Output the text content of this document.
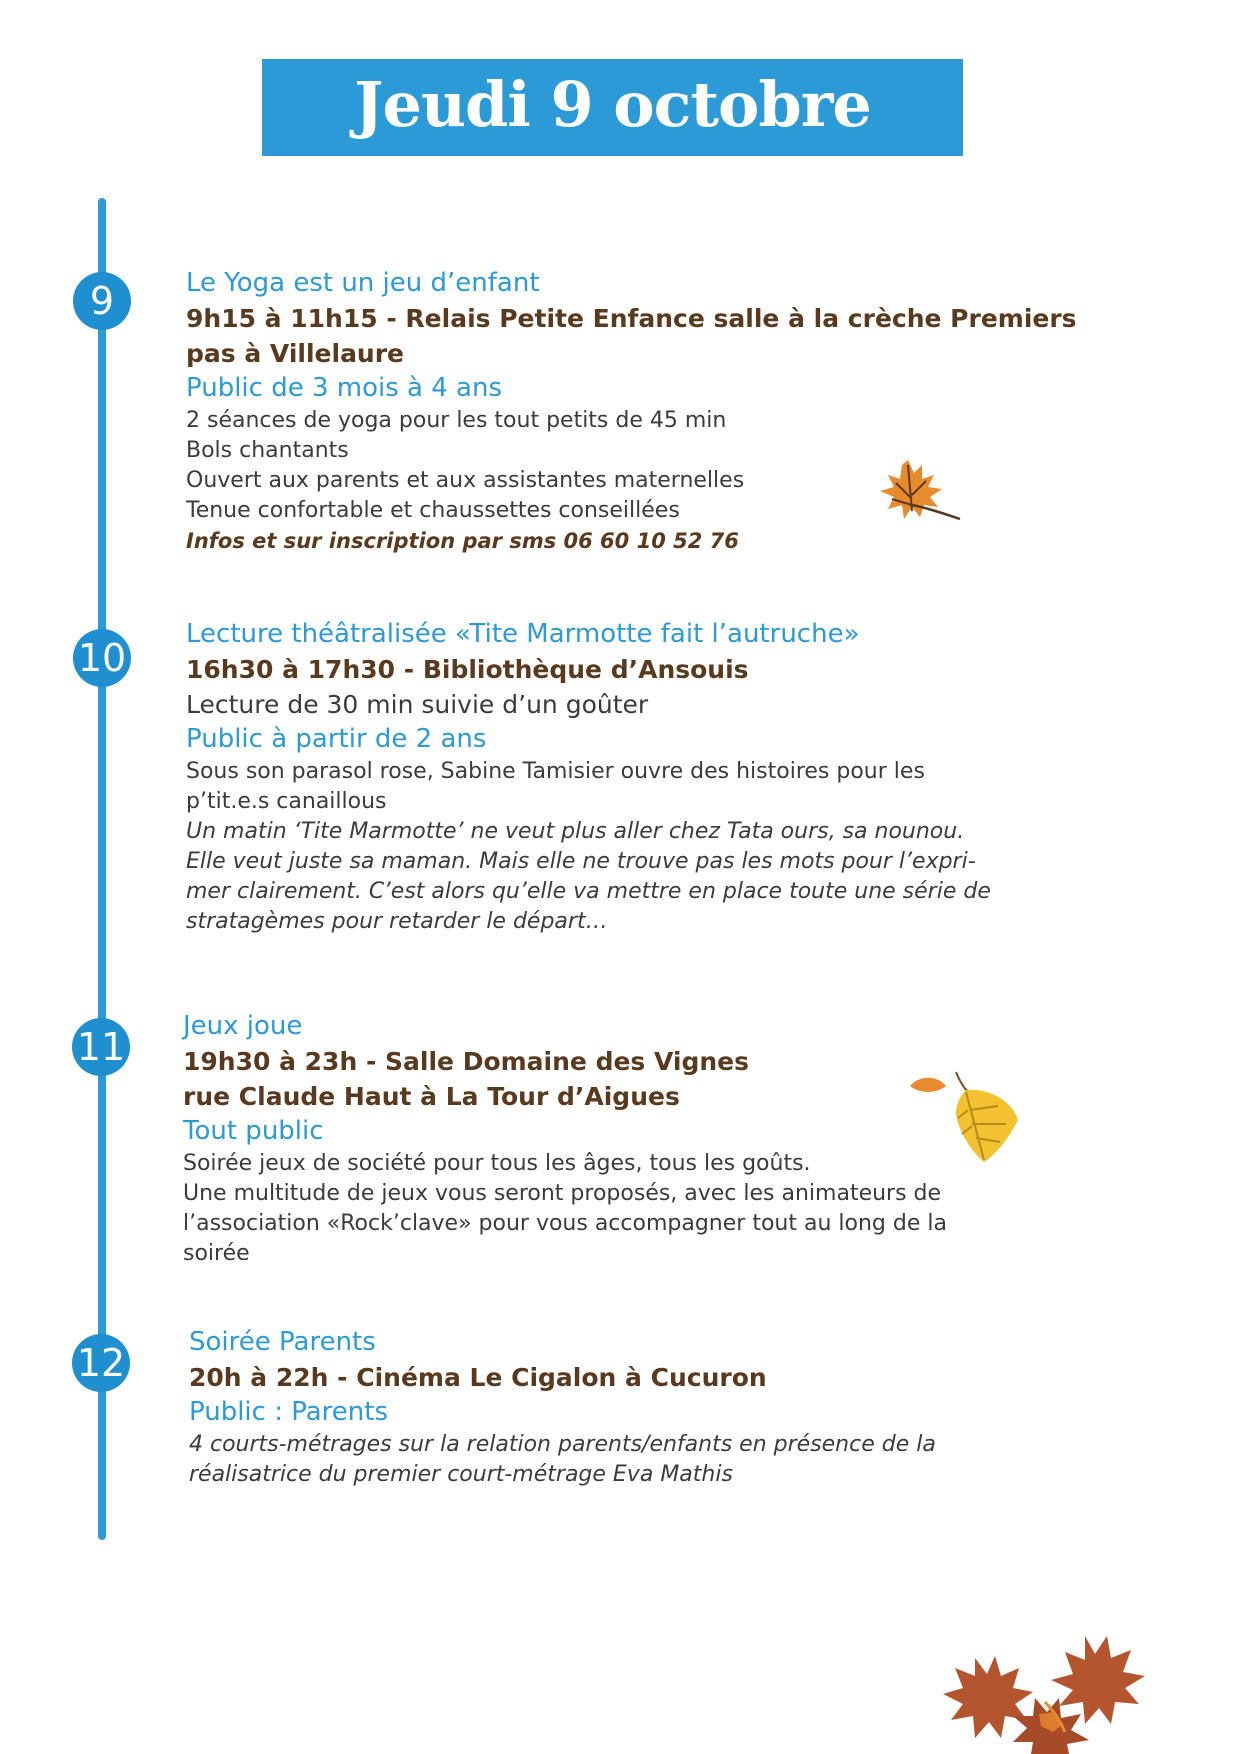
Jeudi 9 octobre
9
10
11
12
Le Yoga est un jeu d’enfant
9h15 à 11h15 - Relais Petite Enfance salle à la crèche Premiers
pas à Villelaure
Public de 3 mois à 4 ans
2 séances de yoga pour les tout petits de 45 min
Bols chantants
Ouvert aux parents et aux assistantes maternelles
Tenue confortable et chaussettes conseillées
Infos et sur inscription par sms 06 60 10 52 76
Lecture théâtralisée «Tite Marmotte fait l’autruche»
16h30 à 17h30 - Bibliothèque d’Ansouis
Lecture de 30 min suivie d’un goûter
Public à partir de 2 ans
Sous son parasol rose, Sabine Tamisier ouvre des histoires pour les
p’tit.e.s canaillous
Un matin ‘Tite Marmotte’ ne veut plus aller chez Tata ours, sa nounou.
Elle veut juste sa maman. Mais elle ne trouve pas les mots pour l’expri-
mer clairement. C’est alors qu’elle va mettre en place toute une série de
stratagèmes pour retarder le départ…
Jeux joue
19h30 à 23h - Salle Domaine des Vignes
rue Claude Haut à La Tour d’Aigues
Tout public
Soirée jeux de société pour tous les âges, tous les goûts.
Une multitude de jeux vous seront proposés, avec les animateurs de
l’association «Rock’clave» pour vous accompagner tout au long de la
soirée
Soirée Parents
20h à 22h - Cinéma Le Cigalon à Cucuron
Public : Parents
4 courts-métrages sur la relation parents/enfants en présence de la
réalisatrice du premier court-métrage Eva Mathis
